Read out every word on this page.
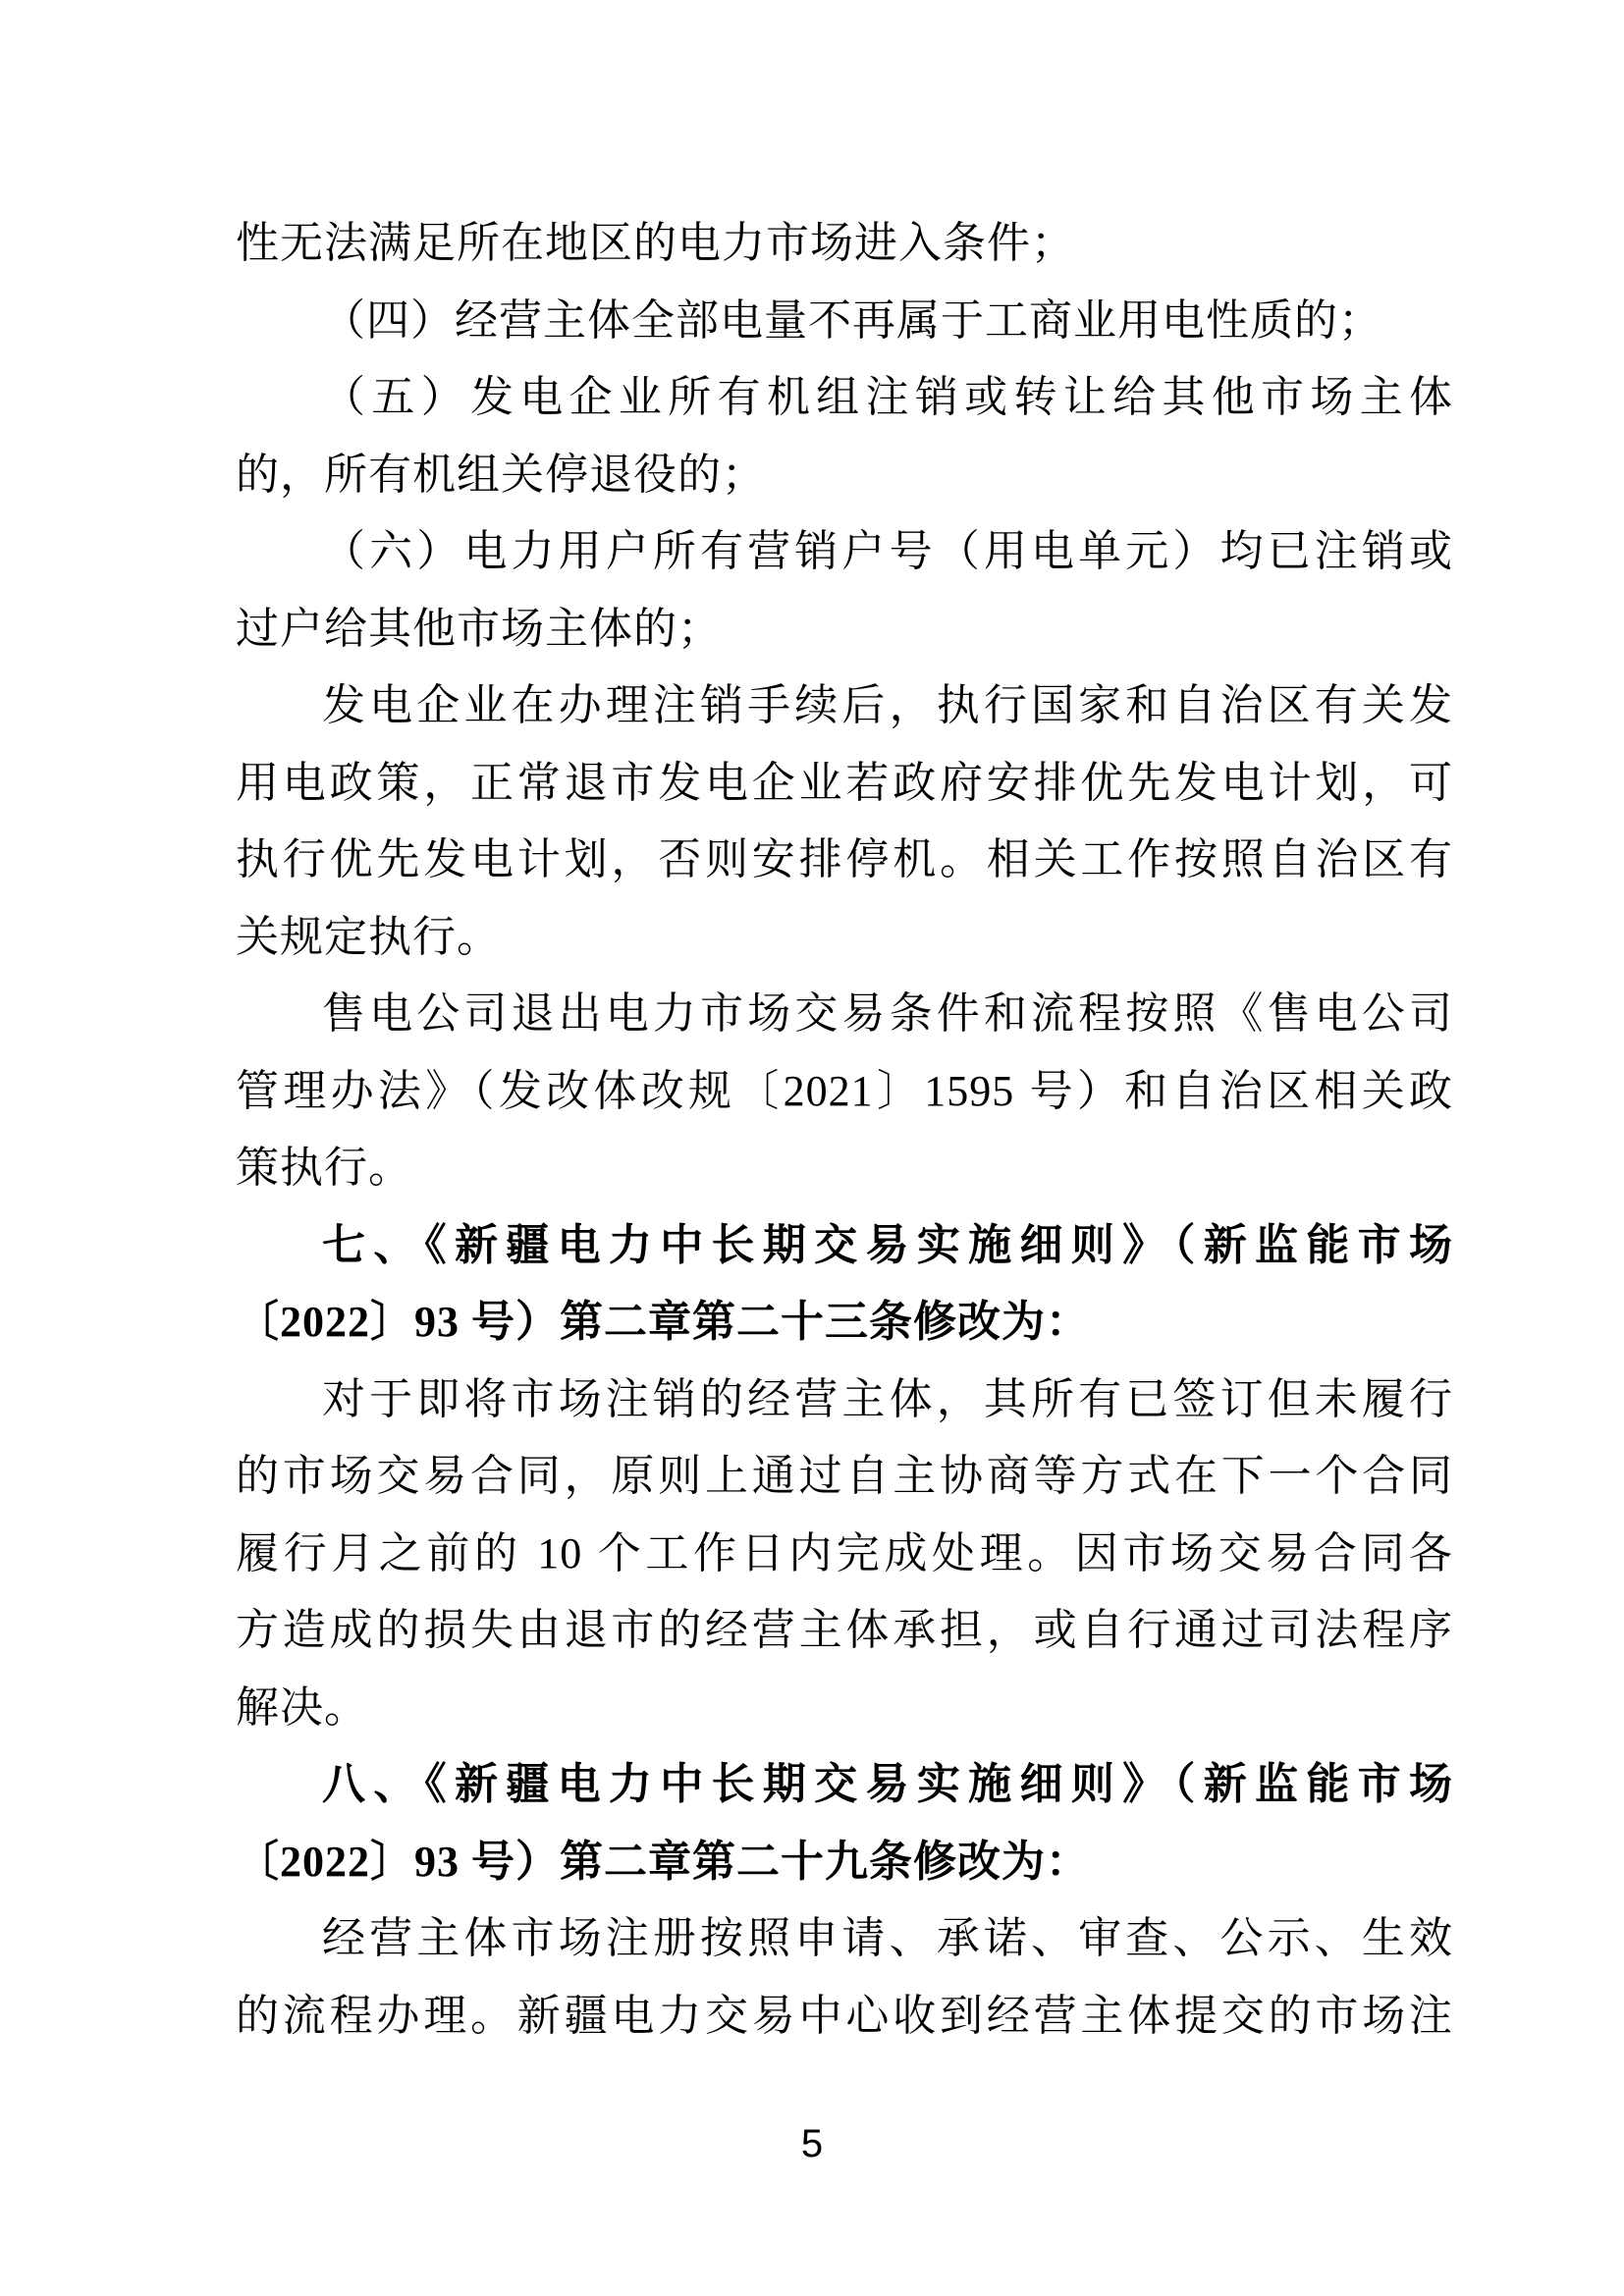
性无法满足所在地区的电力市场进入条件；

（四）经营主体全部电量不再属于工商业用电性质的；

（五）发电企业所有机组注销或转让给其他市场主体

的，所有机组关停退役的；

（六）电力用户所有营销户号（用电单元）均已注销或

过户给其他市场主体的；

发电企业在办理注销手续后，执行国家和自治区有关发

用电政策，正常退市发电企业若政府安排优先发电计划，可

执行优先发电计划，否则安排停机。相关工作按照自治区有

关规定执行。

售电公司退出电力市场交易条件和流程按照《售电公司

管理办法》（发改体改规〔2021〕1595 号）和自治区相关政

策执行。

七、《新疆电力中长期交易实施细则》（新监能市场

〔2022〕93 号）第二章第二十三条修改为：

对于即将市场注销的经营主体，其所有已签订但未履行

的市场交易合同，原则上通过自主协商等方式在下一个合同

履行月之前的 10 个工作日内完成处理。因市场交易合同各

方造成的损失由退市的经营主体承担，或自行通过司法程序

解决。

八、《新疆电力中长期交易实施细则》（新监能市场

〔2022〕93 号）第二章第二十九条修改为：

经营主体市场注册按照申请、承诺、审查、公示、生效

的流程办理。新疆电力交易中心收到经营主体提交的市场注

5
